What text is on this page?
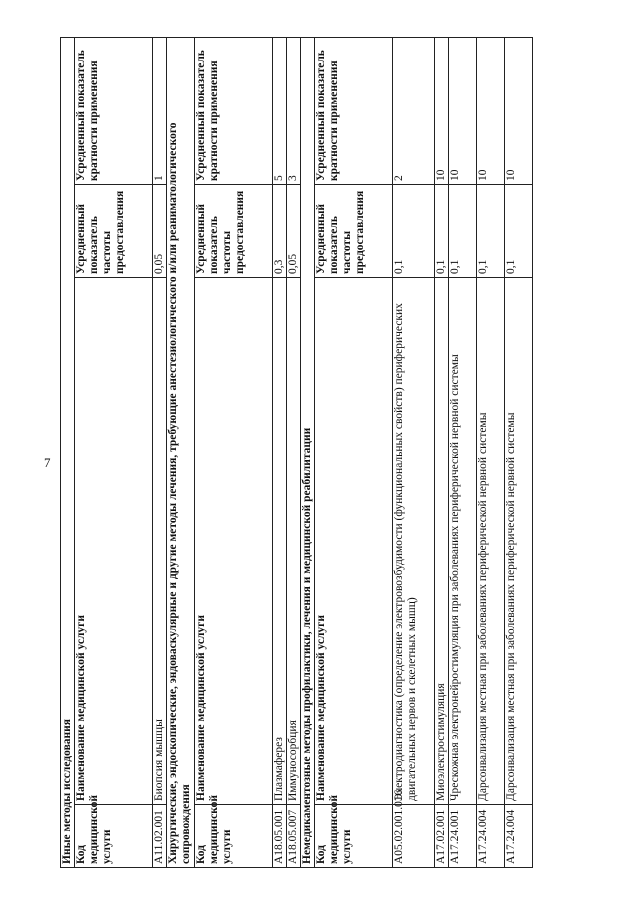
7
Иные методы исследования			
Код медицинской услуги	Наименование медицинской услуги	Усредненный показатель частоты предоставления	Усредненный показатель кратности применения
A11.02.001	Биопсия мышцы	0,05	1
Хирургические, эндоскопические, эндоваскулярные и другие методы лечения, требующие анестезиологического и/или реаниматологического сопровождения			
Код медицинской услуги	Наименование медицинской услуги	Усредненный показатель частоты предоставления	Усредненный показатель кратности применения
A18.05.001	Плазмаферез	0,3	5
A18.05.007	Иммуносорбция	0,05	3
Немедикаментозные методы профилактики, лечения и медицинской реабилитации			
Код медицинской услуги	Наименование медицинской услуги	Усредненный показатель частоты предоставления	Усредненный показатель кратности применения
A05.02.001.016	Электродиагностика (определение электровозбудимости (функциональных свойств) периферических двигательных нервов и скелетных мышц)	0,1	2
A17.02.001	Миоэлектростимуляция	0,1	10
A17.24.001	Чрескожная электронейростимуляция при заболеваниях периферической нервной системы	0,1	10
A17.24.004	Дарсонвализация местная при заболеваниях периферической нервной системы	0,1	10
A17.24.004	Дарсонвализация местная при заболеваниях периферической нервной системы	0,1	10
